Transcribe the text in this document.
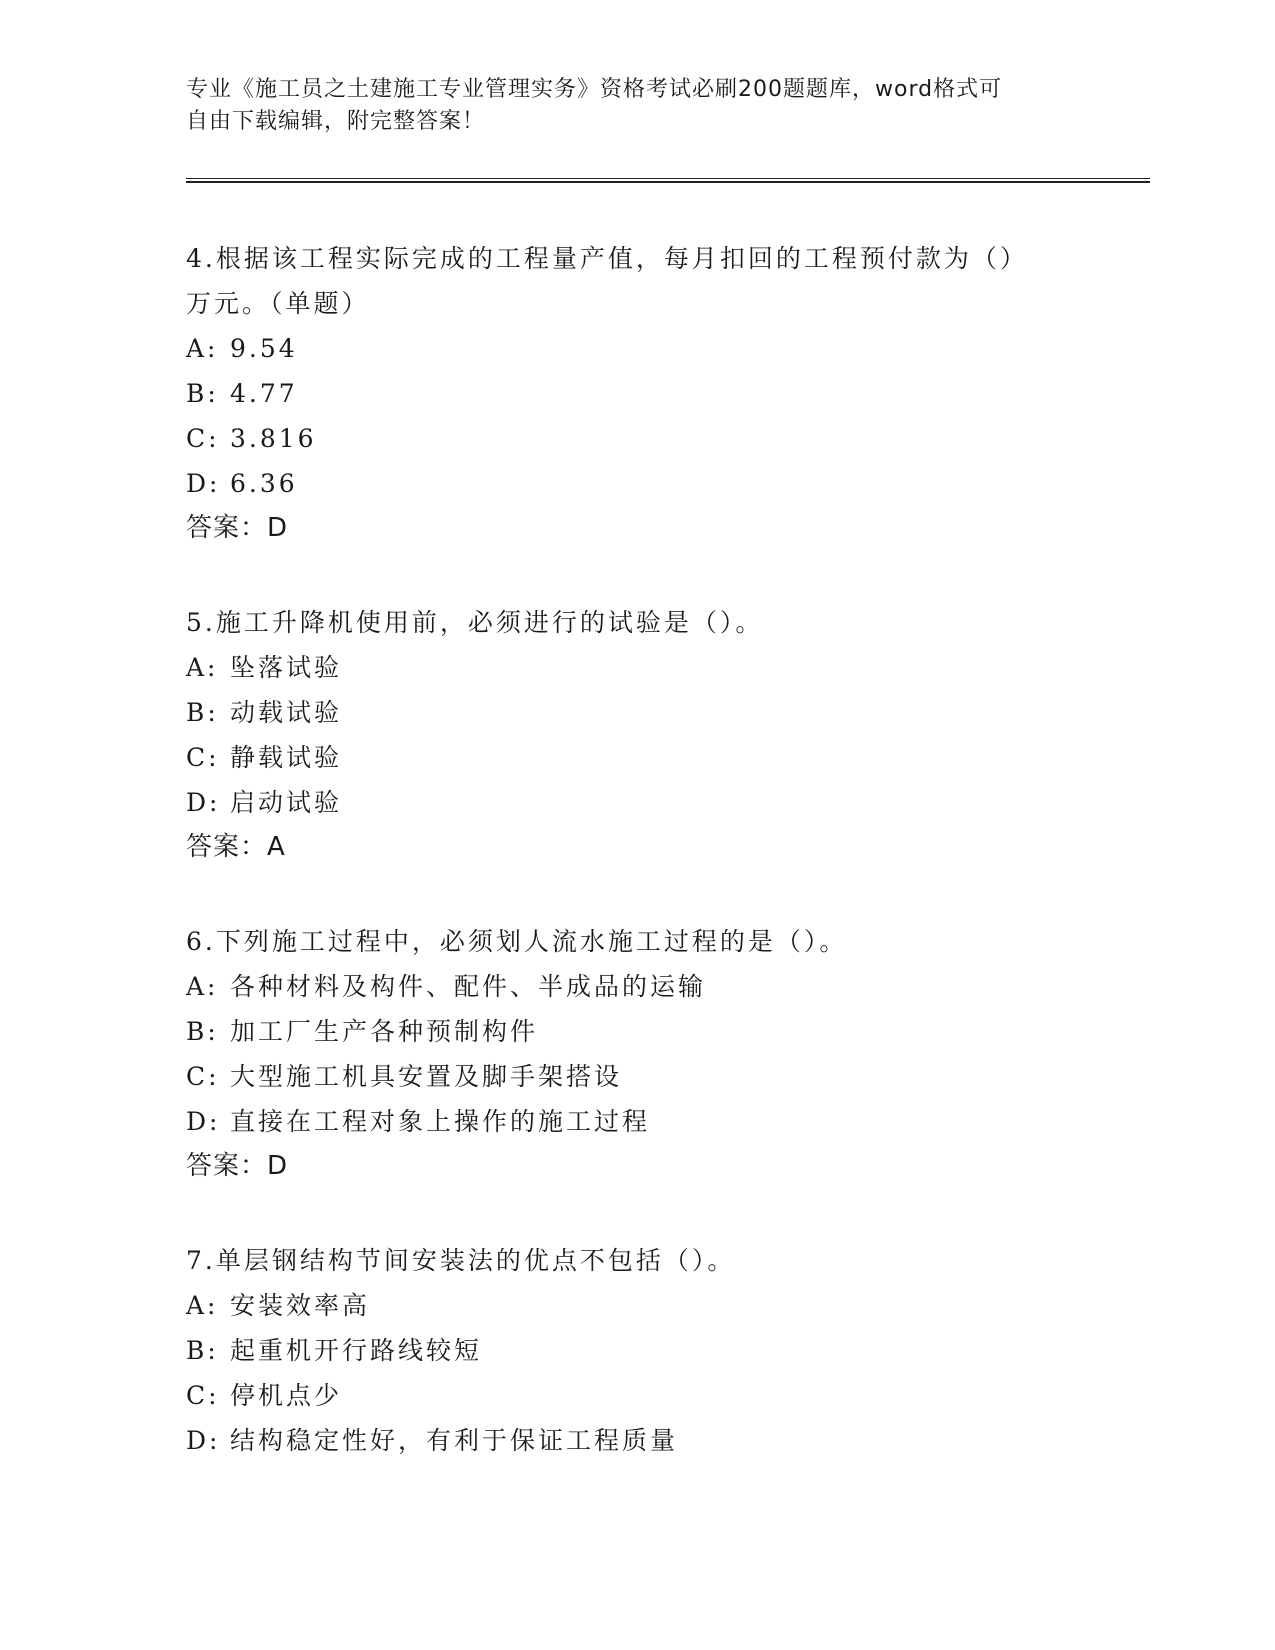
专业《施工员之土建施工专业管理实务》资格考试必刷200题题库，word格式可
自由下载编辑，附完整答案！

4.根据该工程实际完成的工程量产值，每月扣回的工程预付款为（）

万元。（单题）

A: 9.54

B: 4.77

C: 3.816

D: 6.36

答案：D

5.施工升降机使用前，必须进行的试验是（）。

A: 坠落试验

B: 动载试验

C: 静载试验

D: 启动试验

答案：A

6.下列施工过程中，必须划人流水施工过程的是（）。

A: 各种材料及构件、配件、半成品的运输

B: 加工厂生产各种预制构件

C: 大型施工机具安置及脚手架搭设

D: 直接在工程对象上操作的施工过程

答案：D

7.单层钢结构节间安装法的优点不包括（）。

A: 安装效率高

B: 起重机开行路线较短

C: 停机点少

D: 结构稳定性好，有利于保证工程质量
